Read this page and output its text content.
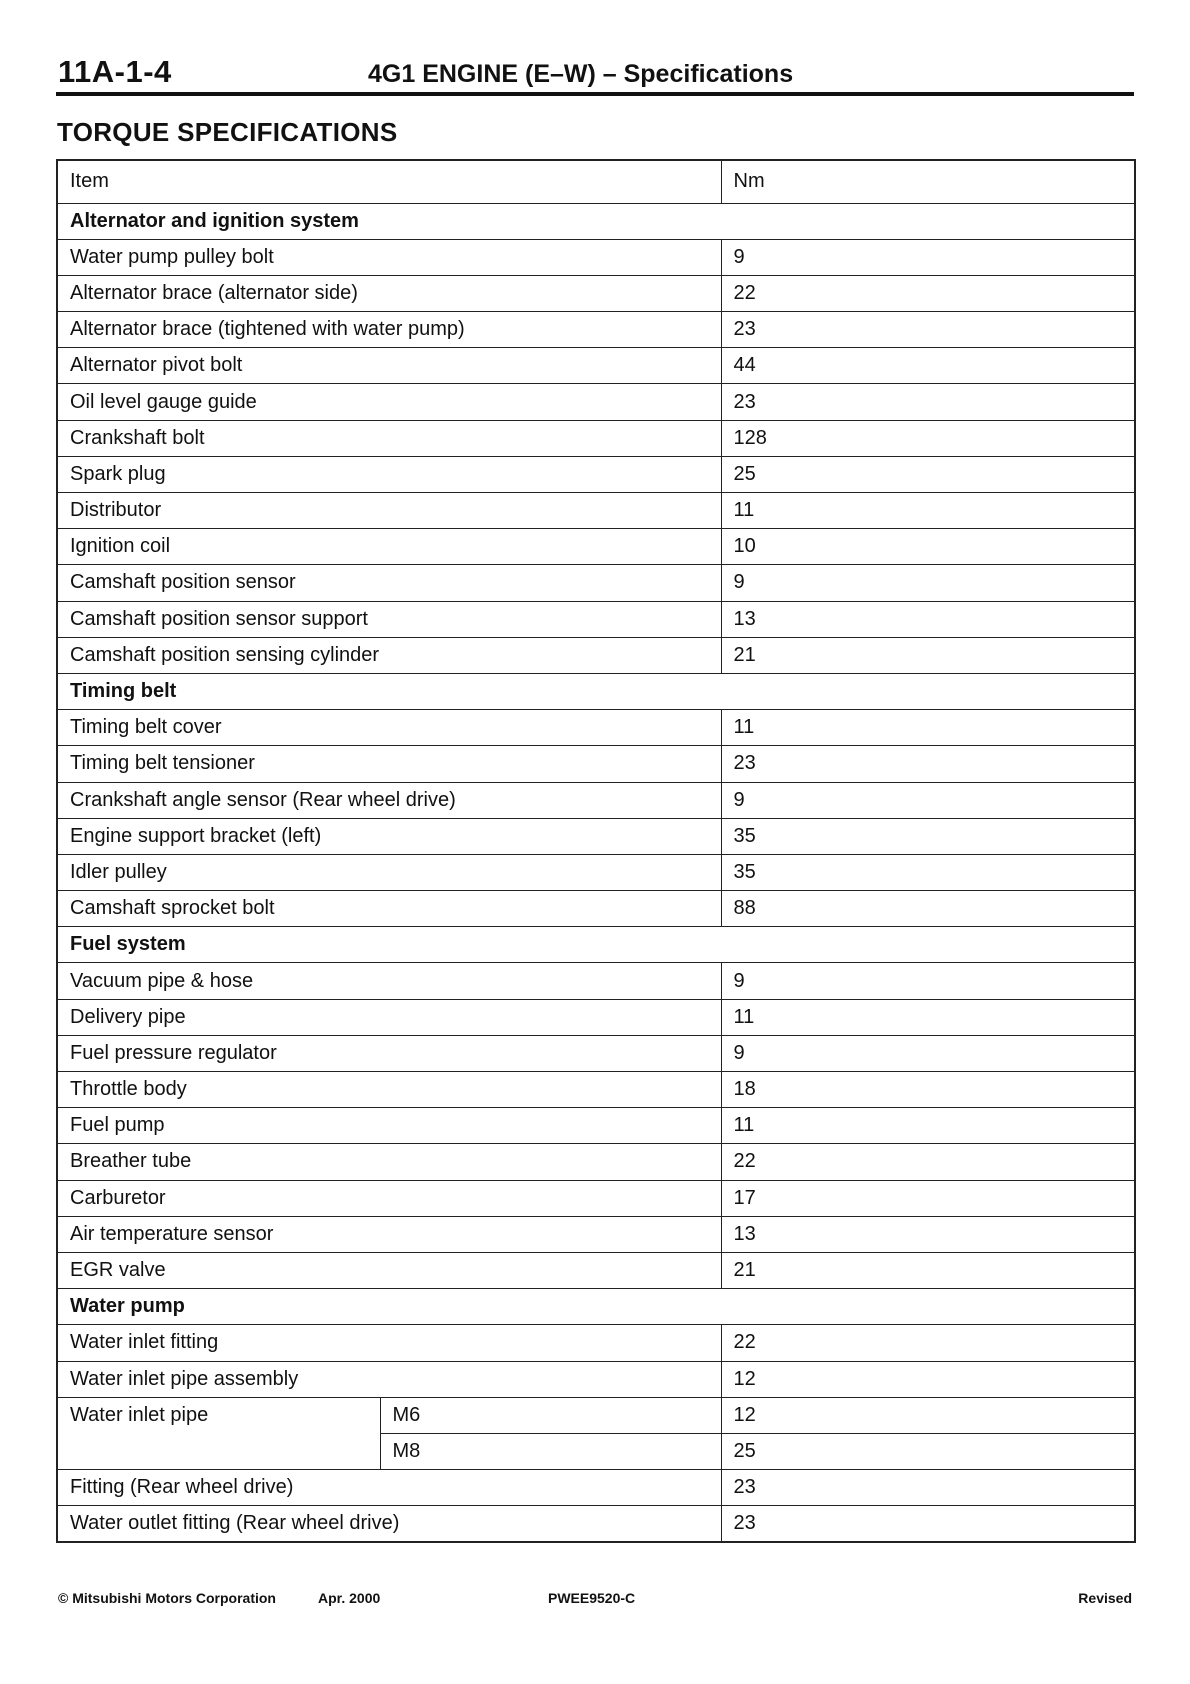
11A-1-4	4G1 ENGINE (E–W) – Specifications
TORQUE SPECIFICATIONS
Item		Nm
Alternator and ignition system		
Water pump pulley bolt		9
Alternator brace (alternator side)		22
Alternator brace (tightened with water pump)		23
Alternator pivot bolt		44
Oil level gauge guide		23
Crankshaft bolt		128
Spark plug		25
Distributor		11
Ignition coil		10
Camshaft position sensor		9
Camshaft position sensor support		13
Camshaft position sensing cylinder		21
Timing belt		
Timing belt cover		11
Timing belt tensioner		23
Crankshaft angle sensor (Rear wheel drive)		9
Engine support bracket (left)		35
Idler pulley		35
Camshaft sprocket bolt		88
Fuel system		
Vacuum pipe & hose		9
Delivery pipe		11
Fuel pressure regulator		9
Throttle body		18
Fuel pump		11
Breather tube		22
Carburetor		17
Air temperature sensor		13
EGR valve		21
Water pump		
Water inlet fitting		22
Water inlet pipe assembly		12
Water inlet pipe	M6	12
	M8	25
Fitting (Rear wheel drive)		23
Water outlet fitting (Rear wheel drive)		23
© Mitsubishi Motors Corporation	Apr. 2000	PWEE9520-C	Revised
